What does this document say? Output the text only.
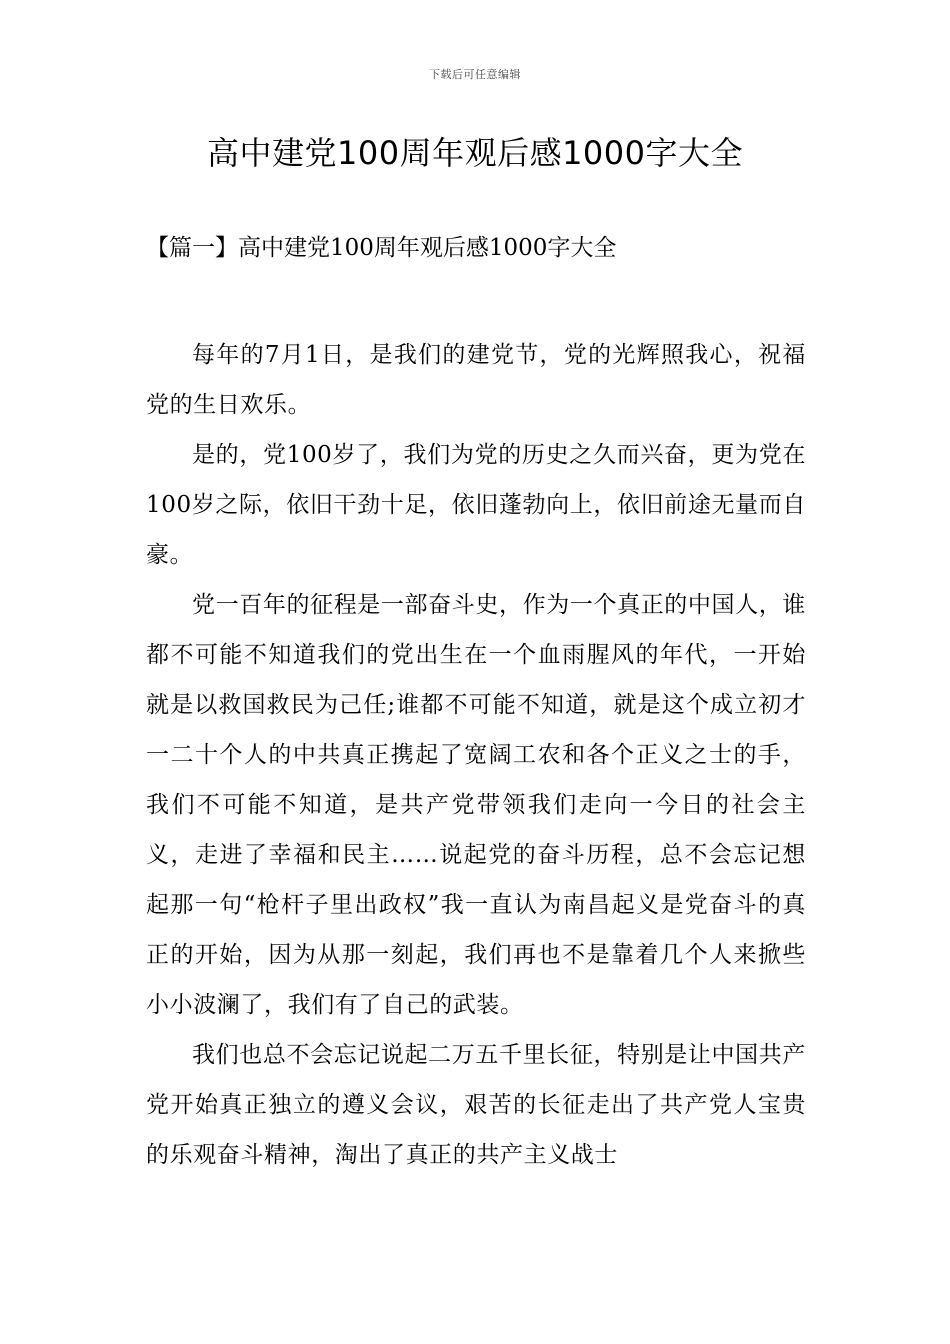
下载后可任意编辑
高中建党100周年观后感1000字大全
【篇一】高中建党100周年观后感1000字大全

每年的7月1日，是我们的建党节，党的光辉照我心，祝福党的生日欢乐。

是的，党100岁了，我们为党的历史之久而兴奋，更为党在100岁之际，依旧干劲十足，依旧蓬勃向上，依旧前途无量而自豪。

党一百年的征程是一部奋斗史，作为一个真正的中国人，谁都不可能不知道我们的党出生在一个血雨腥风的年代，一开始就是以救国救民为己任;谁都不可能不知道，就是这个成立初才一二十个人的中共真正携起了宽阔工农和各个正义之士的手，我们不可能不知道，是共产党带领我们走向一今日的社会主义，走进了幸福和民主……说起党的奋斗历程，总不会忘记想起那一句“枪杆子里出政权”我一直认为南昌起义是党奋斗的真正的开始，因为从那一刻起，我们再也不是靠着几个人来掀些小小波澜了，我们有了自己的武装。

我们也总不会忘记说起二万五千里长征，特别是让中国共产党开始真正独立的遵义会议，艰苦的长征走出了共产党人宝贵的乐观奋斗精神，淘出了真正的共产主义战士
